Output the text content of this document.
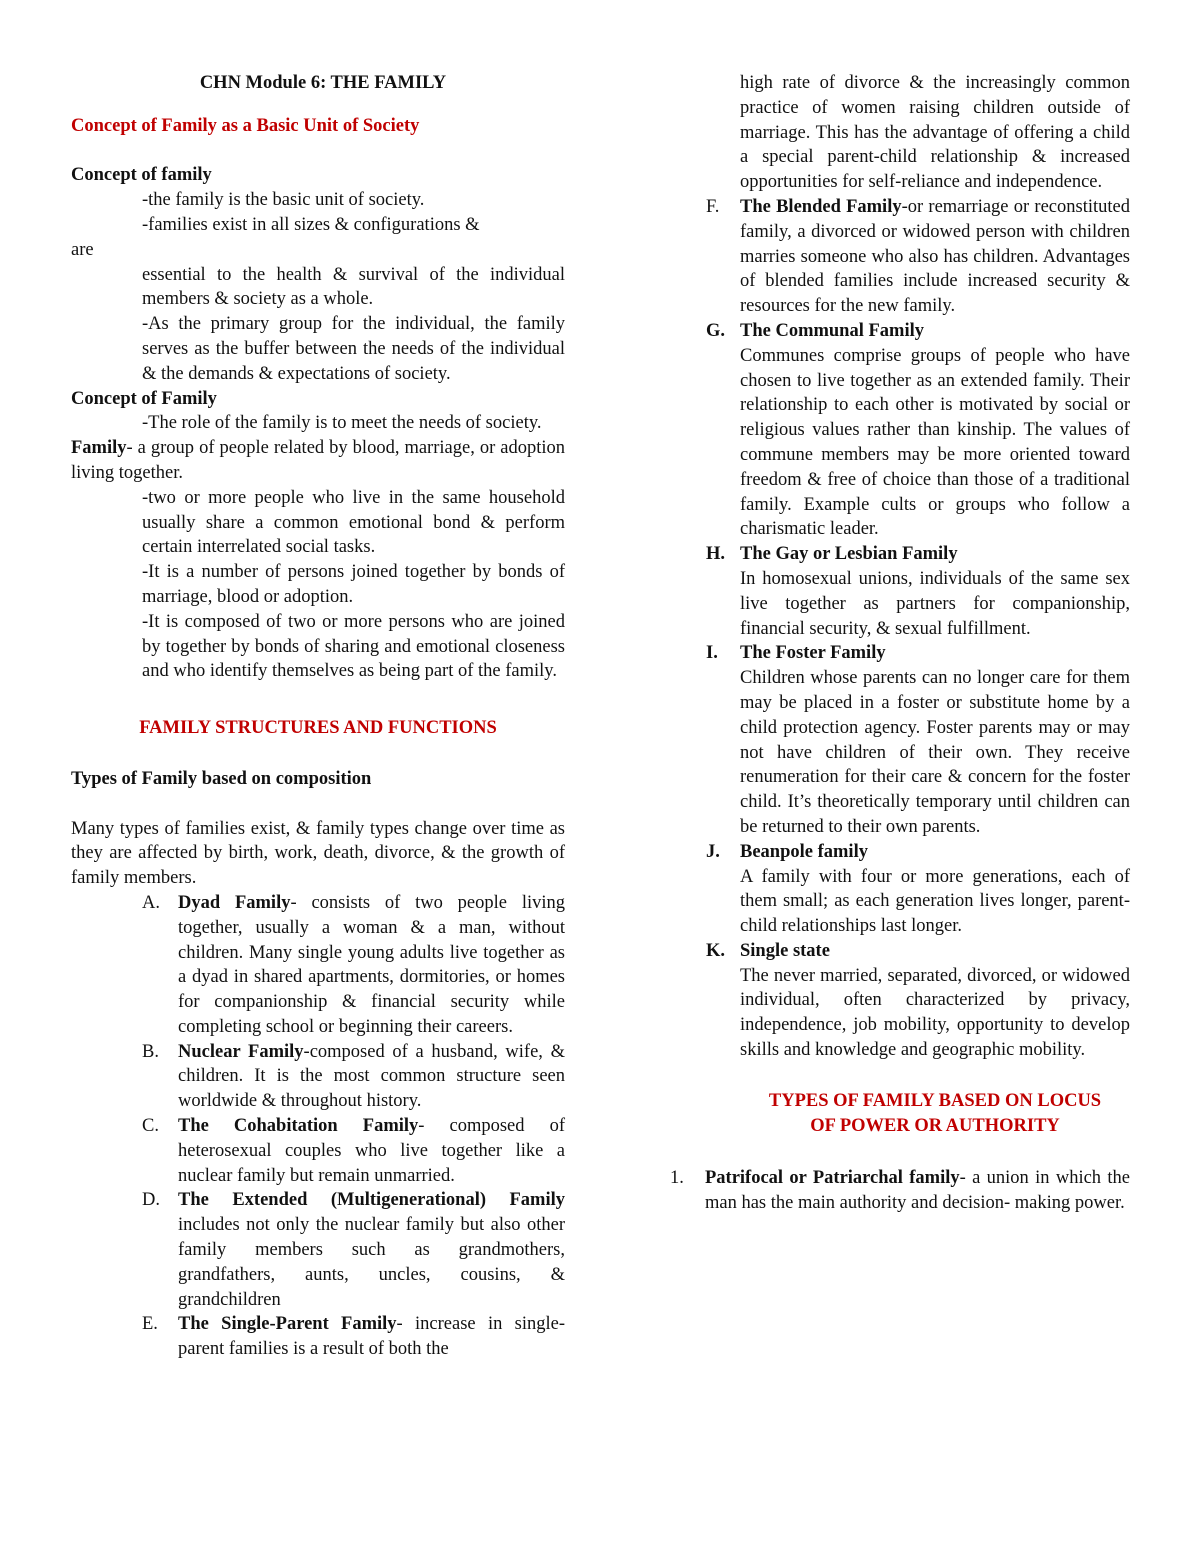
CHN Module 6: THE FAMILY

Concept of Family as a Basic Unit of Society

Concept of family

-the family is the basic unit of society.

-families exist in all sizes & configurations &

are

essential to the health & survival of the individual members & society as a whole.

-As the primary group for the individual, the family serves as the buffer between the needs of the individual & the demands & expectations of society.

Concept of Family

-The role of the family is to meet the needs of society.

Family- a group of people related by blood, marriage, or adoption living together.

-two or more people who live in the same household usually share a common emotional bond & perform certain interrelated social tasks.

-It is a number of persons joined together by bonds of marriage, blood or adoption.

-It is composed of two or more persons who are joined by together by bonds of sharing and emotional closeness and who identify themselves as being part of the family.

FAMILY STRUCTURES AND FUNCTIONS

Types of Family based on composition

Many types of families exist, & family types change over time as they are affected by birth, work, death, divorce, & the growth of family members.

A. Dyad Family- consists of two people living together, usually a woman & a man, without children. Many single young adults live together as a dyad in shared apartments, dormitories, or homes for companionship & financial security while completing school or beginning their careers.

B.	Nuclear Family-composed of a husband, wife, & children. It is the most common structure seen worldwide & throughout history.

C.	The Cohabitation Family- composed of heterosexual couples who live together like a nuclear family but remain unmarried.

D. The Extended (Multigenerational) Family includes not only the nuclear family but also other family members such as grandmothers, grandfathers, aunts, uncles, cousins, & grandchildren

E.	The Single-Parent Family- increase in single-parent families is a result of both the

high rate of divorce & the increasingly common practice of women raising children outside of marriage. This has the advantage of offering a child a special parent-child relationship & increased opportunities for self-reliance and independence.

F.	The Blended Family-or remarriage or reconstituted family, a divorced or widowed person with children marries someone who also has children. Advantages of blended families include increased security & resources for the new family.

G. The Communal Family

Communes comprise groups of people who have chosen to live together as an extended family. Their relationship to each other is motivated by social or religious values rather than kinship. The values of commune members may be more oriented toward freedom & free of choice than those of a traditional family. Example cults or groups who follow a charismatic leader.

H. The Gay or Lesbian Family

In homosexual unions, individuals of the same sex live together as partners for companionship, financial security, & sexual fulfillment.

I.	The Foster Family

Children whose parents can no longer care for them may be placed in a foster or substitute home by a child protection agency. Foster parents may or may not have children of their own. They receive renumeration for their care & concern for the foster child. It’s theoretically temporary until children can be returned to their own parents.

J.	Beanpole family

A family with four or more generations, each of them small; as each generation lives longer, parent-child relationships last longer.

K. Single state

The never married, separated, divorced, or widowed individual, often characterized by privacy, independence, job mobility, opportunity to develop skills and knowledge and geographic mobility.

TYPES OF FAMILY BASED ON LOCUS

OF POWER OR AUTHORITY

1.	Patrifocal or Patriarchal family- a union in which the man has the main authority and decision- making power.
